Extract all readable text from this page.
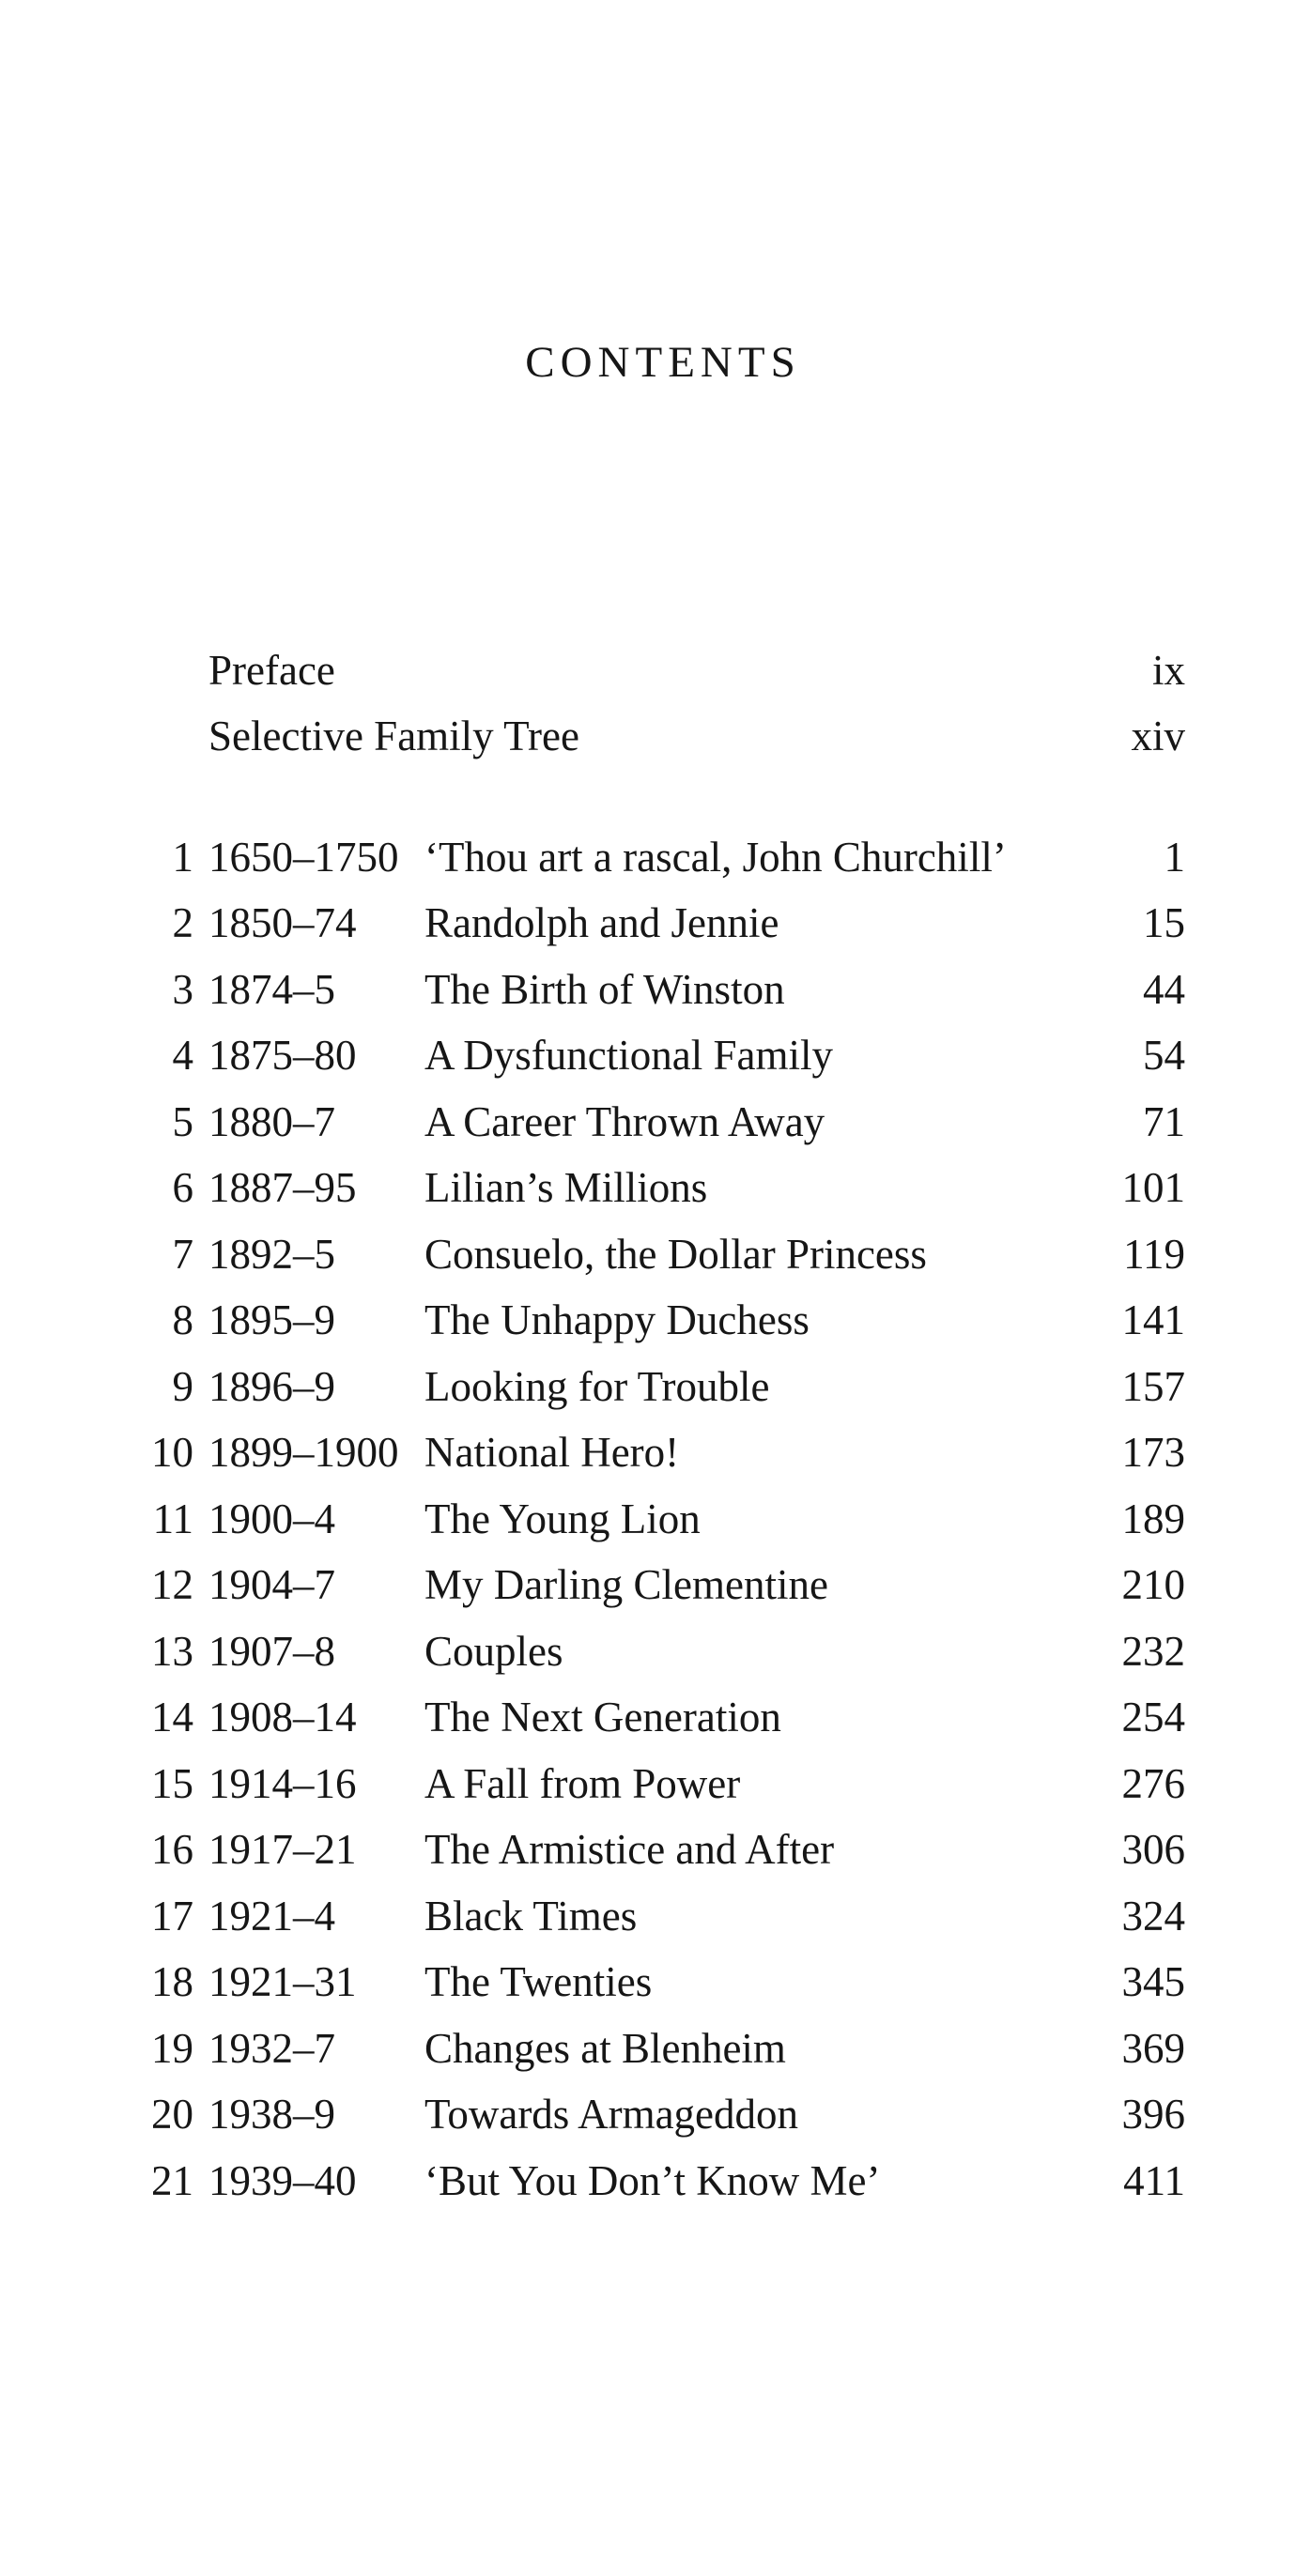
CONTENTS
Preface	ix
Selective Family Tree	xiv
1 1650–1750 ‘Thou art a rascal, John Churchill’	1
2 1850–74	Randolph and Jennie	15
3 1874–5	The Birth of Winston	44
4 1875–80	A Dysfunctional Family	54
5 1880–7	A Career Thrown Away	71
6 1887–95	Lilian’s Millions	101
7 1892–5	Consuelo, the Dollar Princess	119
8 1895–9	The Unhappy Duchess	141
9 1896–9	Looking for Trouble	157
10 1899–1900 National Hero!	173
11 1900–4	The Young Lion	189
12 1904–7	My Darling Clementine	210
13 1907–8	Couples	232
14 1908–14	The Next Generation	254
15 1914–16	A Fall from Power	276
16 1917–21	The Armistice and After	306
17 1921–4	Black Times	324
18 1921–31	The Twenties	345
19 1932–7	Changes at Blenheim	369
20 1938–9	Towards Armageddon	396
21 1939–40	‘But You Don’t Know Me’	411
